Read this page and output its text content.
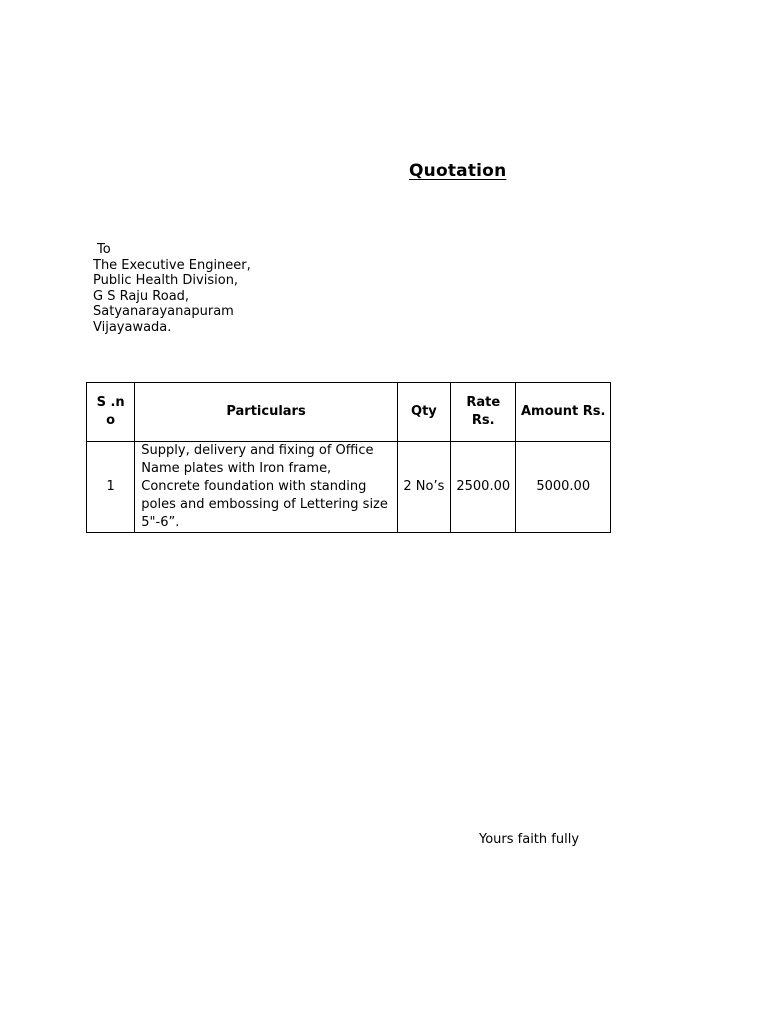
Quotation
To
The Executive Engineer,
Public Health Division,
G S Raju Road,
Satyanarayanapuram
Vijayawada.
S .n o	Particulars	Qty	Rate Rs.	Amount Rs.
1	Supply, delivery and fixing of Office Name plates with Iron frame, Concrete foundation with standing poles and embossing of Lettering size 5"-6”.	2 No’s	2500.00	5000.00
Yours faith fully
